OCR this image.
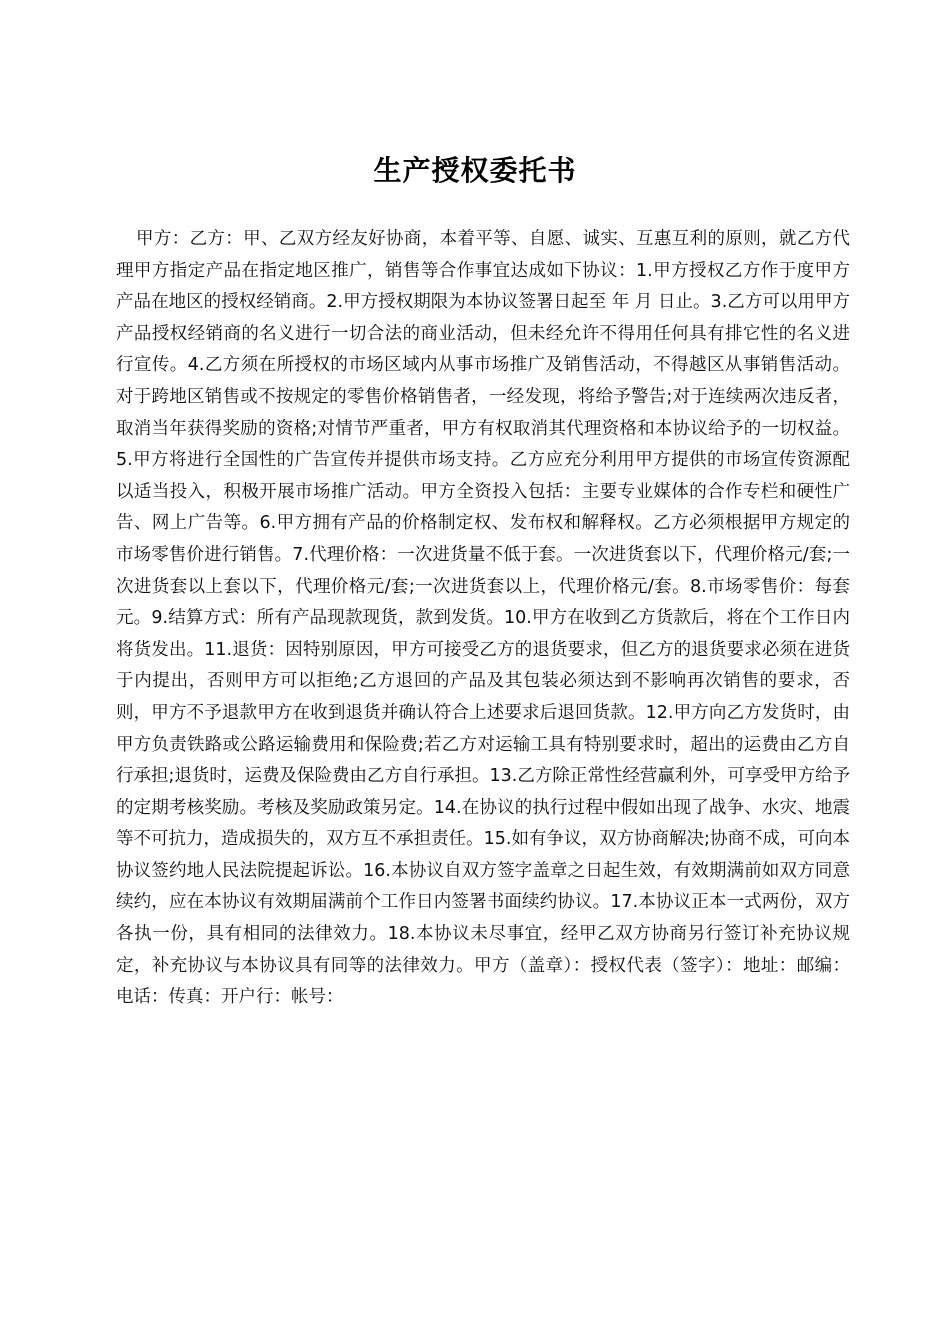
生产授权委托书

甲方：乙方：甲、乙双方经友好协商，本着平等、自愿、诚实、互惠互利的原则，就乙方代理甲方指定产品在指定地区推广，销售等合作事宜达成如下协议：1.甲方授权乙方作于度甲方产品在地区的授权经销商。2.甲方授权期限为本协议签署日起至 年 月 日止。3.乙方可以用甲方产品授权经销商的名义进行一切合法的商业活动，但未经允许不得用任何具有排它性的名义进行宣传。4.乙方须在所授权的市场区域内从事市场推广及销售活动，不得越区从事销售活动。对于跨地区销售或不按规定的零售价格销售者，一经发现，将给予警告;对于连续两次违反者，取消当年获得奖励的资格;对情节严重者，甲方有权取消其代理资格和本协议给予的一切权益。5.甲方将进行全国性的广告宣传并提供市场支持。乙方应充分利用甲方提供的市场宣传资源配以适当投入，积极开展市场推广活动。甲方全资投入包括：主要专业媒体的合作专栏和硬性广告、网上广告等。6.甲方拥有产品的价格制定权、发布权和解释权。乙方必须根据甲方规定的市场零售价进行销售。7.代理价格：一次进货量不低于套。一次进货套以下，代理价格元/套;一次进货套以上套以下，代理价格元/套;一次进货套以上，代理价格元/套。8.市场零售价：每套元。9.结算方式：所有产品现款现货，款到发货。10.甲方在收到乙方货款后，将在个工作日内将货发出。11.退货：因特别原因，甲方可接受乙方的退货要求，但乙方的退货要求必须在进货于内提出，否则甲方可以拒绝;乙方退回的产品及其包装必须达到不影响再次销售的要求，否则，甲方不予退款甲方在收到退货并确认符合上述要求后退回货款。12.甲方向乙方发货时，由甲方负责铁路或公路运输费用和保险费;若乙方对运输工具有特别要求时，超出的运费由乙方自行承担;退货时，运费及保险费由乙方自行承担。13.乙方除正常性经营赢利外，可享受甲方给予的定期考核奖励。考核及奖励政策另定。14.在协议的执行过程中假如出现了战争、水灾、地震等不可抗力，造成损失的，双方互不承担责任。15.如有争议，双方协商解决;协商不成，可向本协议签约地人民法院提起诉讼。16.本协议自双方签字盖章之日起生效，有效期满前如双方同意续约，应在本协议有效期届满前个工作日内签署书面续约协议。17.本协议正本一式两份，双方各执一份，具有相同的法律效力。18.本协议未尽事宜，经甲乙双方协商另行签订补充协议规定，补充协议与本协议具有同等的法律效力。甲方（盖章）：授权代表（签字）：地址：邮编：电话：传真：开户行：帐号：
